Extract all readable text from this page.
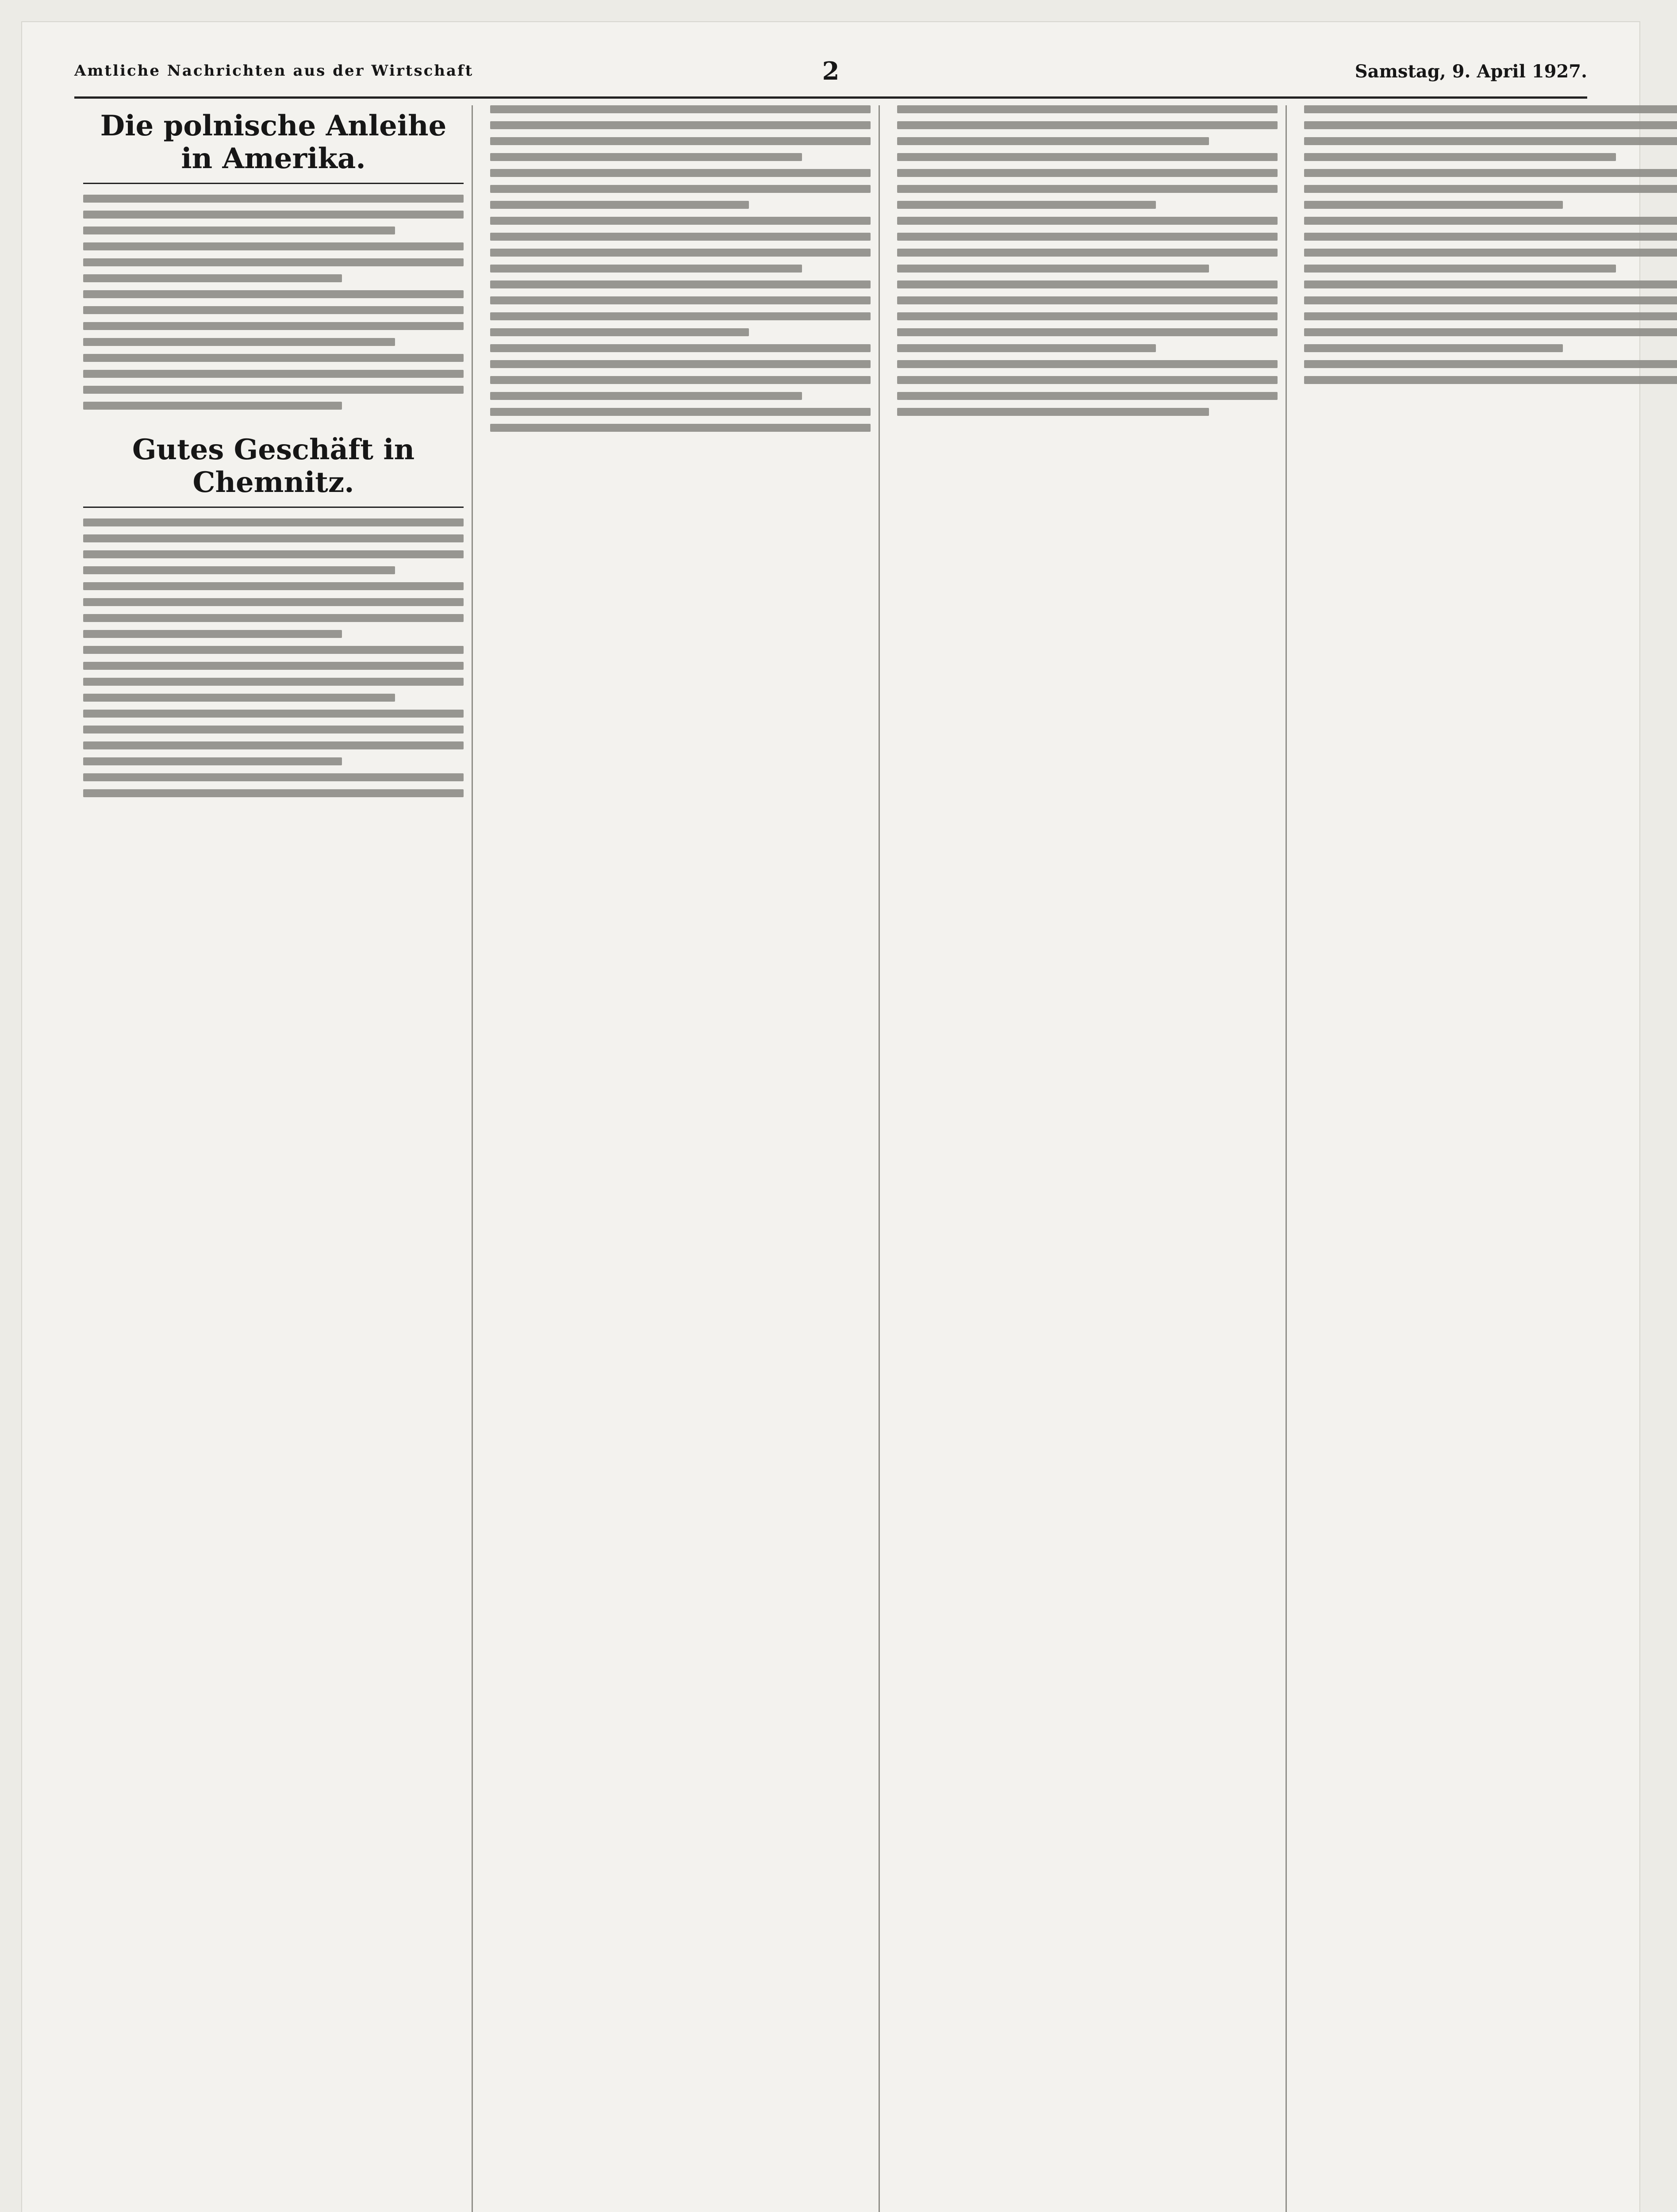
Amtliche Nachrichten aus der Wirtschaft	2	Samstag, 9. April 1927.
Die polnische Anleihe in Amerika.
Gutes Geschäft in Chemnitz.
